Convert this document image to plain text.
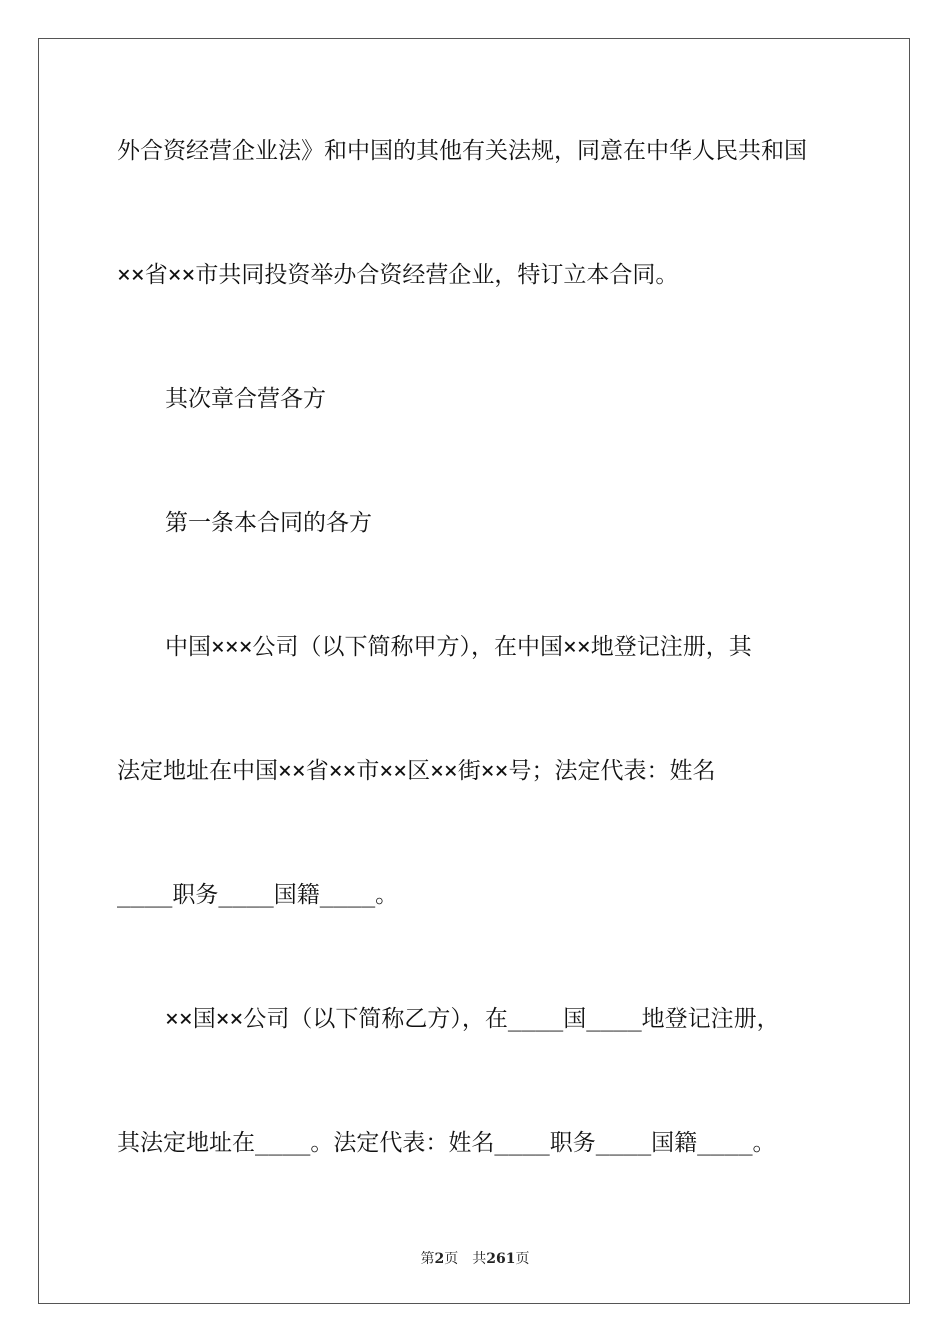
外合资经营企业法》和中国的其他有关法规，同意在中华人民共和国

××省××市共同投资举办合资经营企业，特订立本合同。

其次章合营各方

第一条本合同的各方

中国×××公司（以下简称甲方），在中国××地登记注册，其

法定地址在中国××省××市××区××街××号；法定代表：姓名

____职务____国籍____。

××国××公司（以下简称乙方），在____国____地登记注册，

其法定地址在____。法定代表：姓名____职务____国籍____。

第2页 共261页
